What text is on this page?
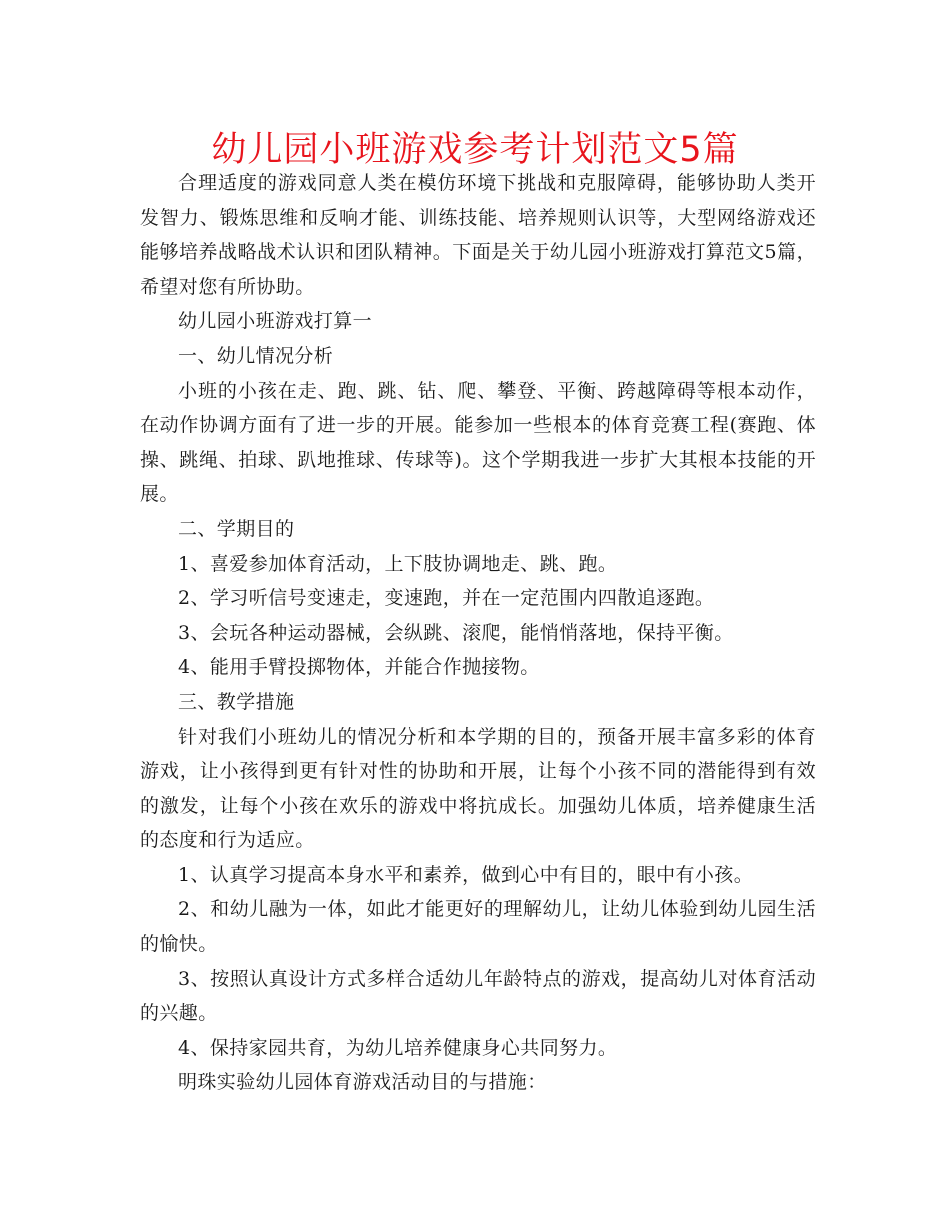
幼儿园小班游戏参考计划范文5篇

合理适度的游戏同意人类在模仿环境下挑战和克服障碍，能够协助人类开发智力、锻炼思维和反响才能、训练技能、培养规则认识等，大型网络游戏还能够培养战略战术认识和团队精神。下面是关于幼儿园小班游戏打算范文5篇，希望对您有所协助。

幼儿园小班游戏打算一

一、幼儿情况分析

小班的小孩在走、跑、跳、钻、爬、攀登、平衡、跨越障碍等根本动作，在动作协调方面有了进一步的开展。能参加一些根本的体育竞赛工程(赛跑、体操、跳绳、拍球、趴地推球、传球等)。这个学期我进一步扩大其根本技能的开展。

二、学期目的

1、喜爱参加体育活动，上下肢协调地走、跳、跑。

2、学习听信号变速走，变速跑，并在一定范围内四散追逐跑。

3、会玩各种运动器械，会纵跳、滚爬，能悄悄落地，保持平衡。

4、能用手臂投掷物体，并能合作抛接物。

三、教学措施

针对我们小班幼儿的情况分析和本学期的目的，预备开展丰富多彩的体育游戏，让小孩得到更有针对性的协助和开展，让每个小孩不同的潜能得到有效的激发，让每个小孩在欢乐的游戏中将抗成长。加强幼儿体质，培养健康生活的态度和行为适应。

1、认真学习提高本身水平和素养，做到心中有目的，眼中有小孩。

2、和幼儿融为一体，如此才能更好的理解幼儿，让幼儿体验到幼儿园生活的愉快。

3、按照认真设计方式多样合适幼儿年龄特点的游戏，提高幼儿对体育活动的兴趣。

4、保持家园共育，为幼儿培养健康身心共同努力。

明珠实验幼儿园体育游戏活动目的与措施：
